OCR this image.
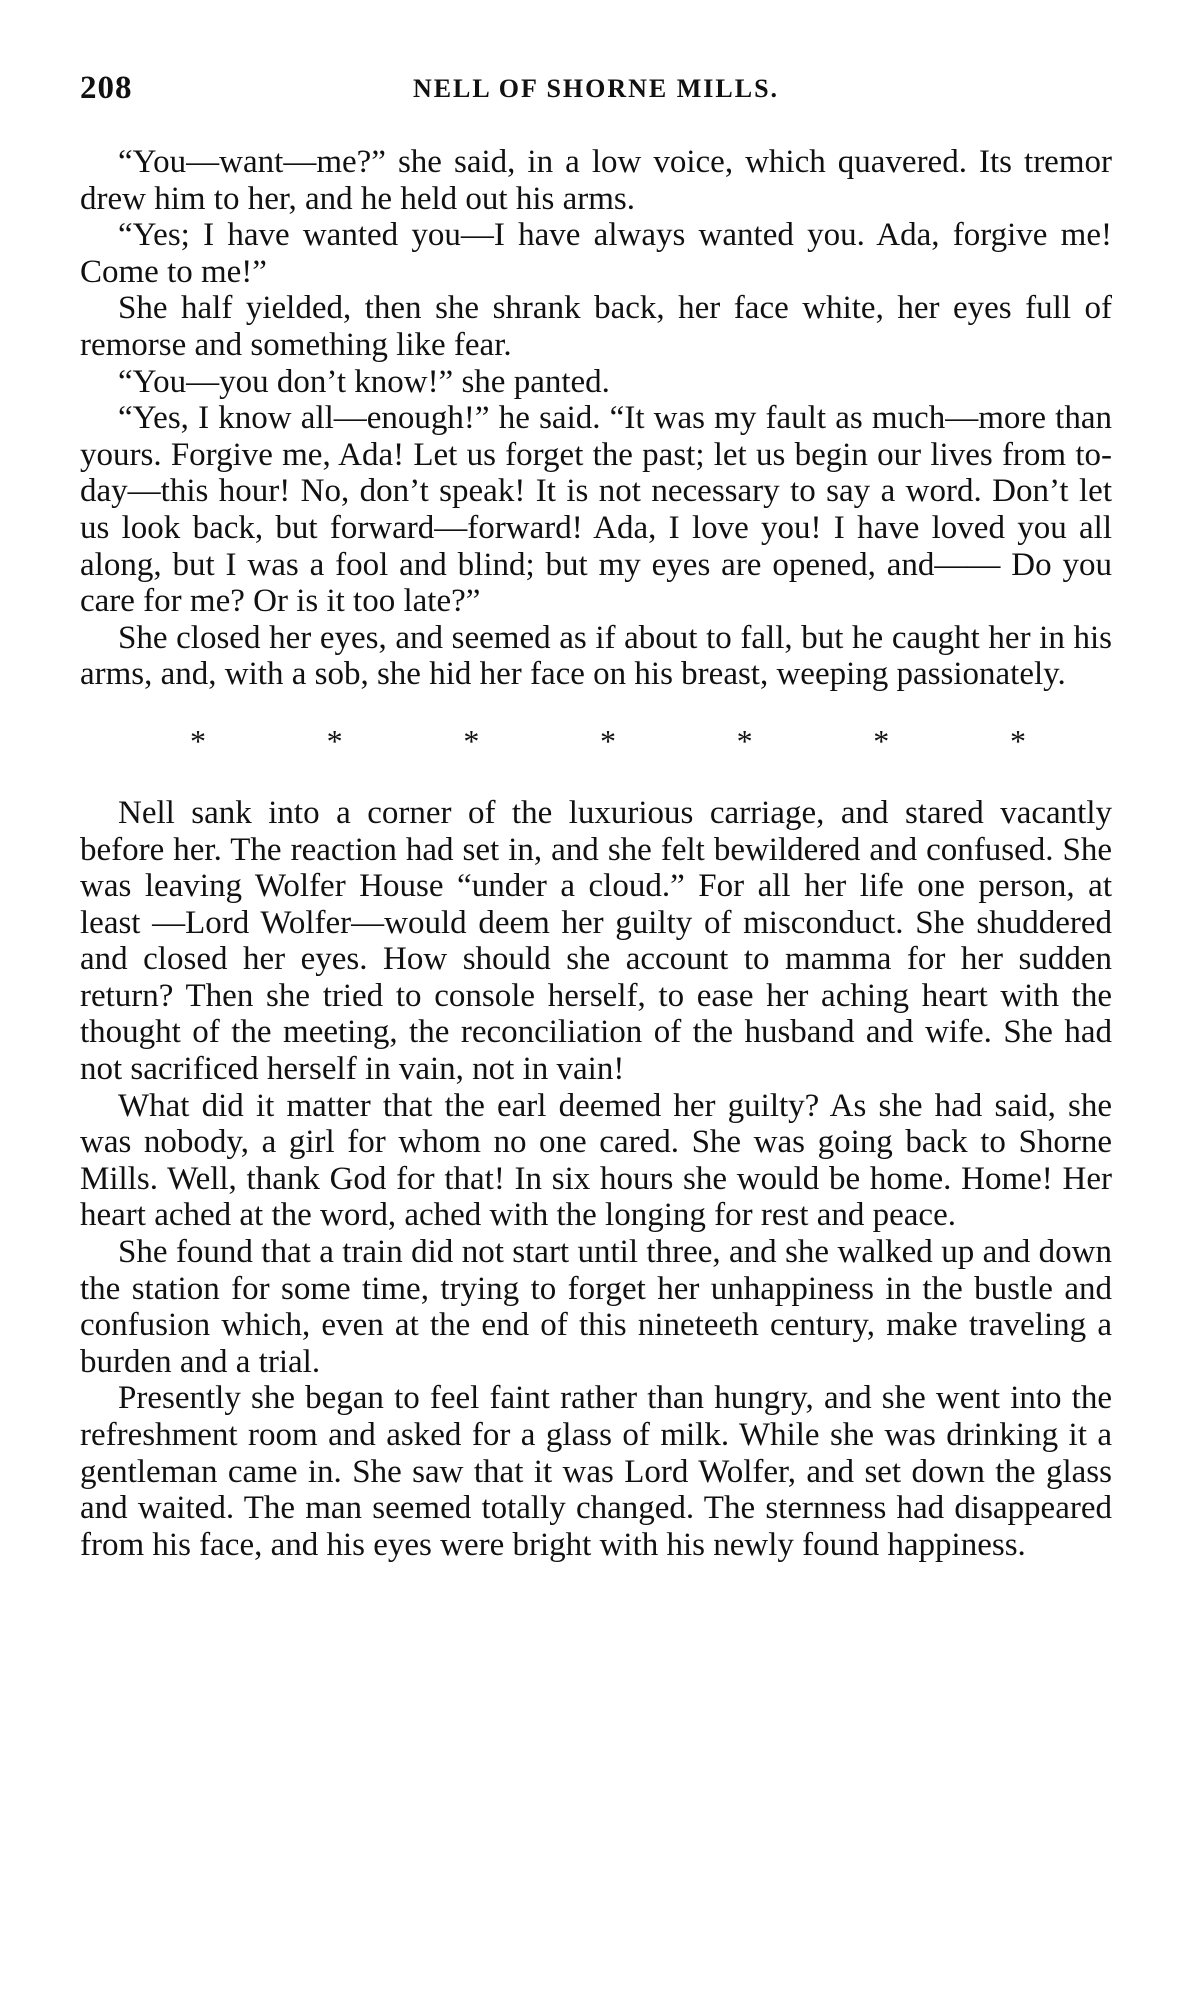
208	NELL OF SHORNE MILLS.

“You—want—me?” she said, in a low voice, which quavered. Its tremor drew him to her, and he held out his arms.

“Yes; I have wanted you—I have always wanted you. Ada, forgive me! Come to me!”

She half yielded, then she shrank back, her face white, her eyes full of remorse and something like fear.

“You—you don’t know!” she panted.

“Yes, I know all—enough!” he said. “It was my fault as much—more than yours. Forgive me, Ada! Let us forget the past; let us begin our lives from to-day—this hour! No, don’t speak! It is not necessary to say a word. Don’t let us look back, but forward—forward! Ada, I love you! I have loved you all along, but I was a fool and blind; but my eyes are opened, and—— Do you care for me? Or is it too late?”

She closed her eyes, and seemed as if about to fall, but he caught her in his arms, and, with a sob, she hid her face on his breast, weeping passionately.

*	*	*	*	*	*	*

Nell sank into a corner of the luxurious carriage, and stared vacantly before her. The reaction had set in, and she felt bewildered and confused. She was leaving Wolfer House “under a cloud.” For all her life one person, at least —Lord Wolfer—would deem her guilty of misconduct. She shuddered and closed her eyes. How should she account to mamma for her sudden return? Then she tried to console herself, to ease her aching heart with the thought of the meeting, the reconciliation of the husband and wife. She had not sacrificed herself in vain, not in vain!

What did it matter that the earl deemed her guilty? As she had said, she was nobody, a girl for whom no one cared. She was going back to Shorne Mills. Well, thank God for that! In six hours she would be home. Home! Her heart ached at the word, ached with the longing for rest and peace.

She found that a train did not start until three, and she walked up and down the station for some time, trying to forget her unhappiness in the bustle and confusion which, even at the end of this nineteeth century, make traveling a burden and a trial.

Presently she began to feel faint rather than hungry, and she went into the refreshment room and asked for a glass of milk. While she was drinking it a gentleman came in. She saw that it was Lord Wolfer, and set down the glass and waited. The man seemed totally changed. The sternness had disappeared from his face, and his eyes were bright with his newly found happiness.
